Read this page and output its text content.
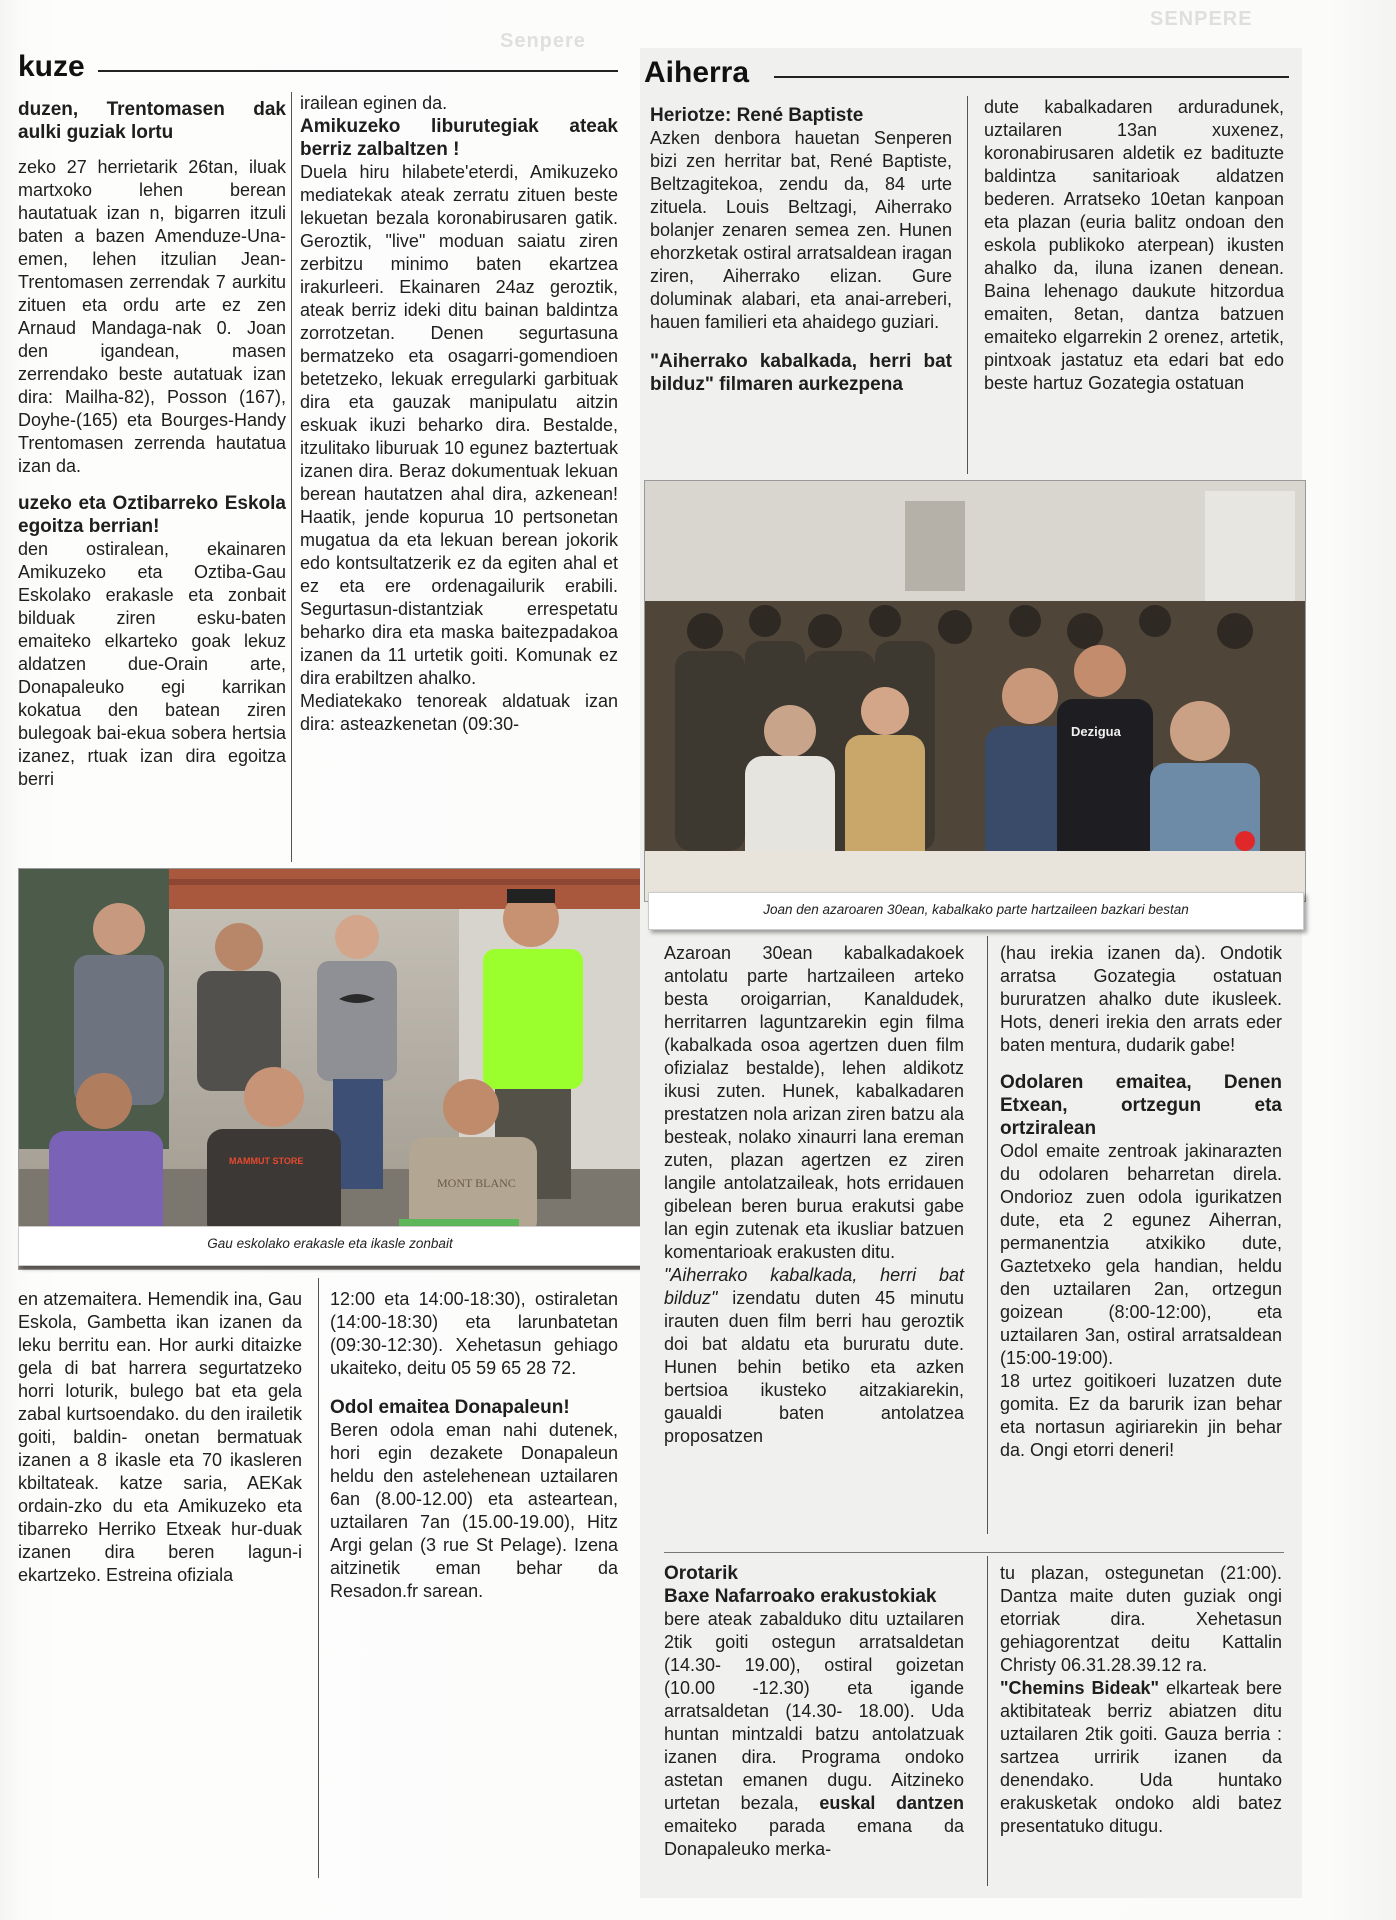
Senpere
SENPERE
kuze

duzen, Trentomasen dak aulki guziak lortu

zeko 27 herrietarik 26tan, iluak martxoko lehen berean hautatuak izan n, bigarren itzuli baten a bazen Amenduze-Una-emen, lehen itzulian Jean-Trentomasen zerrendak 7 aurkitu zituen eta ordu arte ez zen Arnaud Mandaga-nak 0. Joan den igandean, masen zerrendako beste autatuak izan dira: Mailha-82), Posson (167), Doyhe-(165) eta Bourges-Handy Trentomasen zerrenda hautatua izan da.

uzeko eta Oztibarreko Eskola egoitza berrian!

den ostiralean, ekainaren Amikuzeko eta Oztiba-Gau Eskolako erakasle eta zonbait bilduak ziren esku-baten emaiteko elkarteko goak lekuz aldatzen due-Orain arte, Donapaleuko egi karrikan kokatua den batean ziren bulegoak bai-ekua sobera hertsia izanez, rtuak izan dira egoitza berri

irailean eginen da.

Amikuzeko liburutegiak ateak berriz zalbaltzen !

Duela hiru hilabete'eterdi, Amikuzeko mediatekak ateak zerratu zituen beste lekuetan bezala koronabirusaren gatik. Geroztik, "live" moduan saiatu ziren zerbitzu minimo baten ekartzea irakurleeri. Ekainaren 24az geroztik, ateak berriz ideki ditu bainan baldintza zorrotzetan. Denen segurtasuna bermatzeko eta osagarri-gomendioen betetzeko, lekuak erregularki garbituak dira eta gauzak manipulatu aitzin eskuak ikuzi beharko dira. Bestalde, itzulitako liburuak 10 egunez baztertuak izanen dira. Beraz dokumentuak lekuan berean hautatzen ahal dira, azkenean! Haatik, jende kopurua 10 pertsonetan mugatua da eta lekuan berean jokorik edo kontsultatzerik ez da egiten ahal et ez eta ere ordenagailurik erabili. Segurtasun-distantziak errespetatu beharko dira eta maska baitezpadakoa izanen da 11 urtetik goiti. Komunak ez dira erabiltzen ahalko.

Mediatekako tenoreak aldatuak izan dira: asteazkenetan (09:30-

MAMMUT STORE
MONT BLANC
Gau eskolako erakasle eta ikasle zonbait

en atzemaitera. Hemendik ina, Gau Eskola, Gambetta ikan izanen da leku berritu ean. Hor aurki ditaizke gela di bat harrera segurtatzeko horri loturik, bulego bat eta gela zabal kurtsoendako. du den irailetik goiti, baldin- onetan bermatuak izanen a 8 ikasle eta 70 ikasleren kbiltateak. katze saria, AEKak ordain-zko du eta Amikuzeko eta tibarreko Herriko Etxeak hur-duak izanen dira beren lagun-i ekartzeko. Estreina ofiziala

12:00 eta 14:00-18:30), ostiraletan (14:00-18:30) eta larunbatetan (09:30-12:30). Xehetasun gehiago ukaiteko, deitu 05 59 65 28 72.

Odol emaitea Donapaleun!

Beren odola eman nahi dutenek, hori egin dezakete Donapaleun heldu den astelehenean uztailaren 6an (8.00-12.00) eta asteartean, uztailaren 7an (15.00-19.00), Hitz Argi gelan (3 rue St Pelage). Izena aitzinetik eman behar da Resadon.fr sarean.

Aiherra

Heriotze: René Baptiste

Azken denbora hauetan Senperen bizi zen herritar bat, René Baptiste, Beltzagitekoa, zendu da, 84 urte zituela. Louis Beltzagi, Aiherrako bolanjer zenaren semea zen. Hunen ehorzketak ostiral arratsaldean iragan ziren, Aiherrako elizan. Gure doluminak alabari, eta anai-arreberi, hauen familieri eta ahaidego guziari.

"Aiherrako kabalkada, herri bat bilduz" filmaren aurkezpena

dute kabalkadaren arduradunek, uztailaren 13an xuxenez, koronabirusaren aldetik ez badituzte baldintza sanitarioak aldatzen bederen. Arratseko 10etan kanpoan eta plazan (euria balitz ondoan den eskola publikoko aterpean) ikusten ahalko da, iluna izanen denean. Baina lehenago daukute hitzordua emaiten, 8etan, dantza batzuen emaiteko elgarrekin 2 orenez, artetik, pintxoak jastatuz eta edari bat edo beste hartuz Gozategia ostatuan

Dezigua
Joan den azaroaren 30ean, kabalkako parte hartzaileen bazkari bestan

Azaroan 30ean kabalkadakoek antolatu parte hartzaileen arteko besta oroigarrian, Kanaldudek, herritarren laguntzarekin egin filma (kabalkada osoa agertzen duen film ofizialaz bestalde), lehen aldikotz ikusi zuten. Hunek, kabalkadaren prestatzen nola arizan ziren batzu ala besteak, nolako xinaurri lana ereman zuten, plazan agertzen ez ziren langile antolatzaileak, hots erridauen gibelean beren burua erakutsi gabe lan egin zutenak eta ikusliar batzuen komentarioak erakusten ditu.

"Aiherrako kabalkada, herri bat bilduz" izendatu duten 45 minutu irauten duen film berri hau geroztik doi bat aldatu eta bururatu dute. Hunen behin betiko eta azken bertsioa ikusteko aitzakiarekin, gaualdi baten antolatzea proposatzen

(hau irekia izanen da). Ondotik arratsa Gozategia ostatuan bururatzen ahalko dute ikusleek. Hots, deneri irekia den arrats eder baten mentura, dudarik gabe!

Odolaren emaitea, Denen Etxean, ortzegun eta ortziralean

Odol emaite zentroak jakinarazten du odolaren beharretan direla. Ondorioz zuen odola igurikatzen dute, eta 2 egunez Aiherran, permanentzia atxikiko dute, Gaztetxeko gela handian, heldu den uztailaren 2an, ortzegun goizean (8:00-12:00), eta uztailaren 3an, ostiral arratsaldean (15:00-19:00).

18 urtez goitikoeri luzatzen dute gomita. Ez da barurik izan behar eta nortasun agiriarekin jin behar da. Ongi etorri deneri!

Orotarik

Baxe Nafarroako erakustokiak

bere ateak zabalduko ditu uztailaren 2tik goiti ostegun arratsaldetan (14.30- 19.00), ostiral goizetan (10.00 -12.30) eta igande arratsaldetan (14.30- 18.00). Uda huntan mintzaldi batzu antolatzuak izanen dira. Programa ondoko astetan emanen dugu. Aitzineko urtetan bezala, euskal dantzen emaiteko parada emana da Donapaleuko merka-

tu plazan, ostegunetan (21:00). Dantza maite duten guziak ongi etorriak dira. Xehetasun gehiagorentzat deitu Kattalin Christy 06.31.28.39.12 ra.

"Chemins Bideak" elkarteak bere aktibitateak berriz abiatzen ditu uztailaren 2tik goiti. Gauza berria : sartzea urririk izanen da denendako. Uda huntako erakusketak ondoko aldi batez presentatuko ditugu.
